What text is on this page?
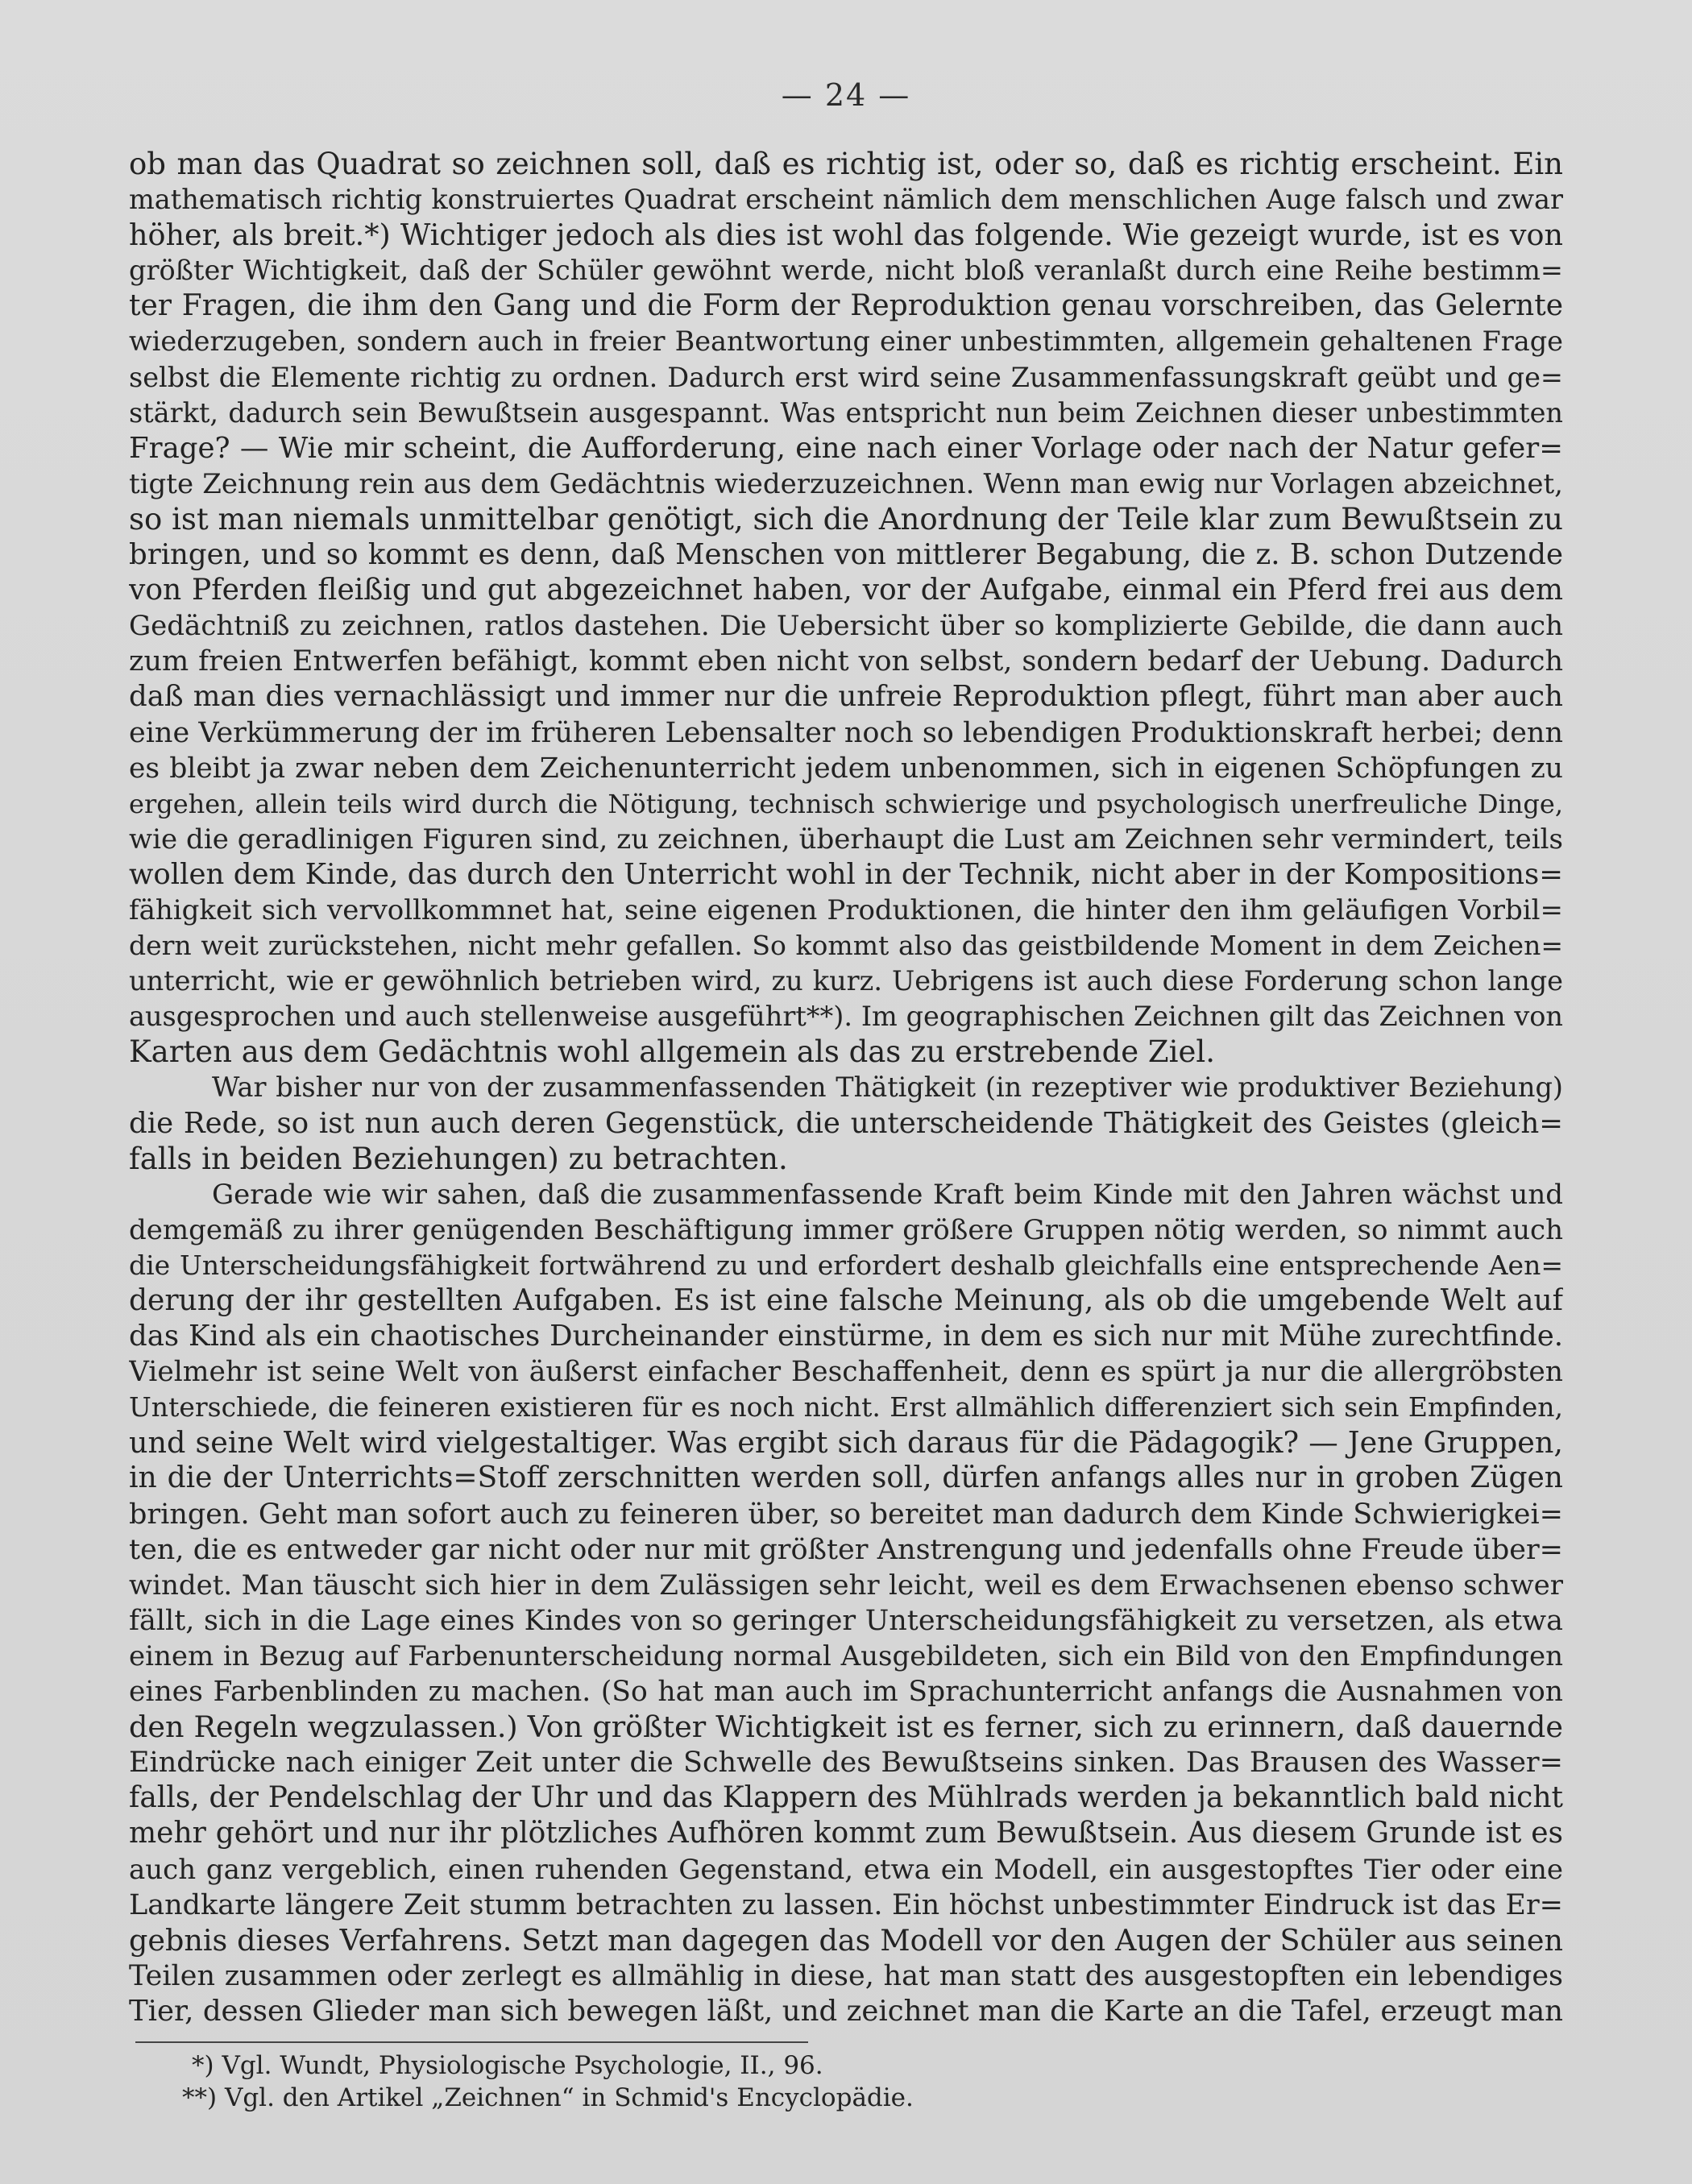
— 24 —
ob man das Quadrat so zeichnen soll, daß es richtig ist, oder so, daß es richtig erscheint. Ein
mathematisch richtig konstruiertes Quadrat erscheint nämlich dem menschlichen Auge falsch und zwar
höher, als breit.*) Wichtiger jedoch als dies ist wohl das folgende. Wie gezeigt wurde, ist es von
größter Wichtigkeit, daß der Schüler gewöhnt werde, nicht bloß veranlaßt durch eine Reihe bestimm=
ter Fragen, die ihm den Gang und die Form der Reproduktion genau vorschreiben, das Gelernte
wiederzugeben, sondern auch in freier Beantwortung einer unbestimmten, allgemein gehaltenen Frage
selbst die Elemente richtig zu ordnen. Dadurch erst wird seine Zusammenfassungskraft geübt und ge=
stärkt, dadurch sein Bewußtsein ausgespannt. Was entspricht nun beim Zeichnen dieser unbestimmten
Frage? — Wie mir scheint, die Aufforderung, eine nach einer Vorlage oder nach der Natur gefer=
tigte Zeichnung rein aus dem Gedächtnis wiederzuzeichnen. Wenn man ewig nur Vorlagen abzeichnet,
so ist man niemals unmittelbar genötigt, sich die Anordnung der Teile klar zum Bewußtsein zu
bringen, und so kommt es denn, daß Menschen von mittlerer Begabung, die z. B. schon Dutzende
von Pferden fleißig und gut abgezeichnet haben, vor der Aufgabe, einmal ein Pferd frei aus dem
Gedächtniß zu zeichnen, ratlos dastehen. Die Uebersicht über so komplizierte Gebilde, die dann auch
zum freien Entwerfen befähigt, kommt eben nicht von selbst, sondern bedarf der Uebung. Dadurch
daß man dies vernachlässigt und immer nur die unfreie Reproduktion pflegt, führt man aber auch
eine Verkümmerung der im früheren Lebensalter noch so lebendigen Produktionskraft herbei; denn
es bleibt ja zwar neben dem Zeichenunterricht jedem unbenommen, sich in eigenen Schöpfungen zu
ergehen, allein teils wird durch die Nötigung, technisch schwierige und psychologisch unerfreuliche Dinge,
wie die geradlinigen Figuren sind, zu zeichnen, überhaupt die Lust am Zeichnen sehr vermindert, teils
wollen dem Kinde, das durch den Unterricht wohl in der Technik, nicht aber in der Kompositions=
fähigkeit sich vervollkommnet hat, seine eigenen Produktionen, die hinter den ihm geläufigen Vorbil=
dern weit zurückstehen, nicht mehr gefallen. So kommt also das geistbildende Moment in dem Zeichen=
unterricht, wie er gewöhnlich betrieben wird, zu kurz. Uebrigens ist auch diese Forderung schon lange
ausgesprochen und auch stellenweise ausgeführt**). Im geographischen Zeichnen gilt das Zeichnen von
Karten aus dem Gedächtnis wohl allgemein als das zu erstrebende Ziel.
War bisher nur von der zusammenfassenden Thätigkeit (in rezeptiver wie produktiver Beziehung)
die Rede, so ist nun auch deren Gegenstück, die unterscheidende Thätigkeit des Geistes (gleich=
falls in beiden Beziehungen) zu betrachten.
Gerade wie wir sahen, daß die zusammenfassende Kraft beim Kinde mit den Jahren wächst und
demgemäß zu ihrer genügenden Beschäftigung immer größere Gruppen nötig werden, so nimmt auch
die Unterscheidungsfähigkeit fortwährend zu und erfordert deshalb gleichfalls eine entsprechende Aen=
derung der ihr gestellten Aufgaben. Es ist eine falsche Meinung, als ob die umgebende Welt auf
das Kind als ein chaotisches Durcheinander einstürme, in dem es sich nur mit Mühe zurechtfinde.
Vielmehr ist seine Welt von äußerst einfacher Beschaffenheit, denn es spürt ja nur die allergröbsten
Unterschiede, die feineren existieren für es noch nicht. Erst allmählich differenziert sich sein Empfinden,
und seine Welt wird vielgestaltiger. Was ergibt sich daraus für die Pädagogik? — Jene Gruppen,
in die der Unterrichts=Stoff zerschnitten werden soll, dürfen anfangs alles nur in groben Zügen
bringen. Geht man sofort auch zu feineren über, so bereitet man dadurch dem Kinde Schwierigkei=
ten, die es entweder gar nicht oder nur mit größter Anstrengung und jedenfalls ohne Freude über=
windet. Man täuscht sich hier in dem Zulässigen sehr leicht, weil es dem Erwachsenen ebenso schwer
fällt, sich in die Lage eines Kindes von so geringer Unterscheidungsfähigkeit zu versetzen, als etwa
einem in Bezug auf Farbenunterscheidung normal Ausgebildeten, sich ein Bild von den Empfindungen
eines Farbenblinden zu machen. (So hat man auch im Sprachunterricht anfangs die Ausnahmen von
den Regeln wegzulassen.) Von größter Wichtigkeit ist es ferner, sich zu erinnern, daß dauernde
Eindrücke nach einiger Zeit unter die Schwelle des Bewußtseins sinken. Das Brausen des Wasser=
falls, der Pendelschlag der Uhr und das Klappern des Mühlrads werden ja bekanntlich bald nicht
mehr gehört und nur ihr plötzliches Aufhören kommt zum Bewußtsein. Aus diesem Grunde ist es
auch ganz vergeblich, einen ruhenden Gegenstand, etwa ein Modell, ein ausgestopftes Tier oder eine
Landkarte längere Zeit stumm betrachten zu lassen. Ein höchst unbestimmter Eindruck ist das Er=
gebnis dieses Verfahrens. Setzt man dagegen das Modell vor den Augen der Schüler aus seinen
Teilen zusammen oder zerlegt es allmählig in diese, hat man statt des ausgestopften ein lebendiges
Tier, dessen Glieder man sich bewegen läßt, und zeichnet man die Karte an die Tafel, erzeugt man
*) Vgl. Wundt, Physiologische Psychologie, II., 96.
**) Vgl. den Artikel „Zeichnen“ in Schmid's Encyclopädie.
